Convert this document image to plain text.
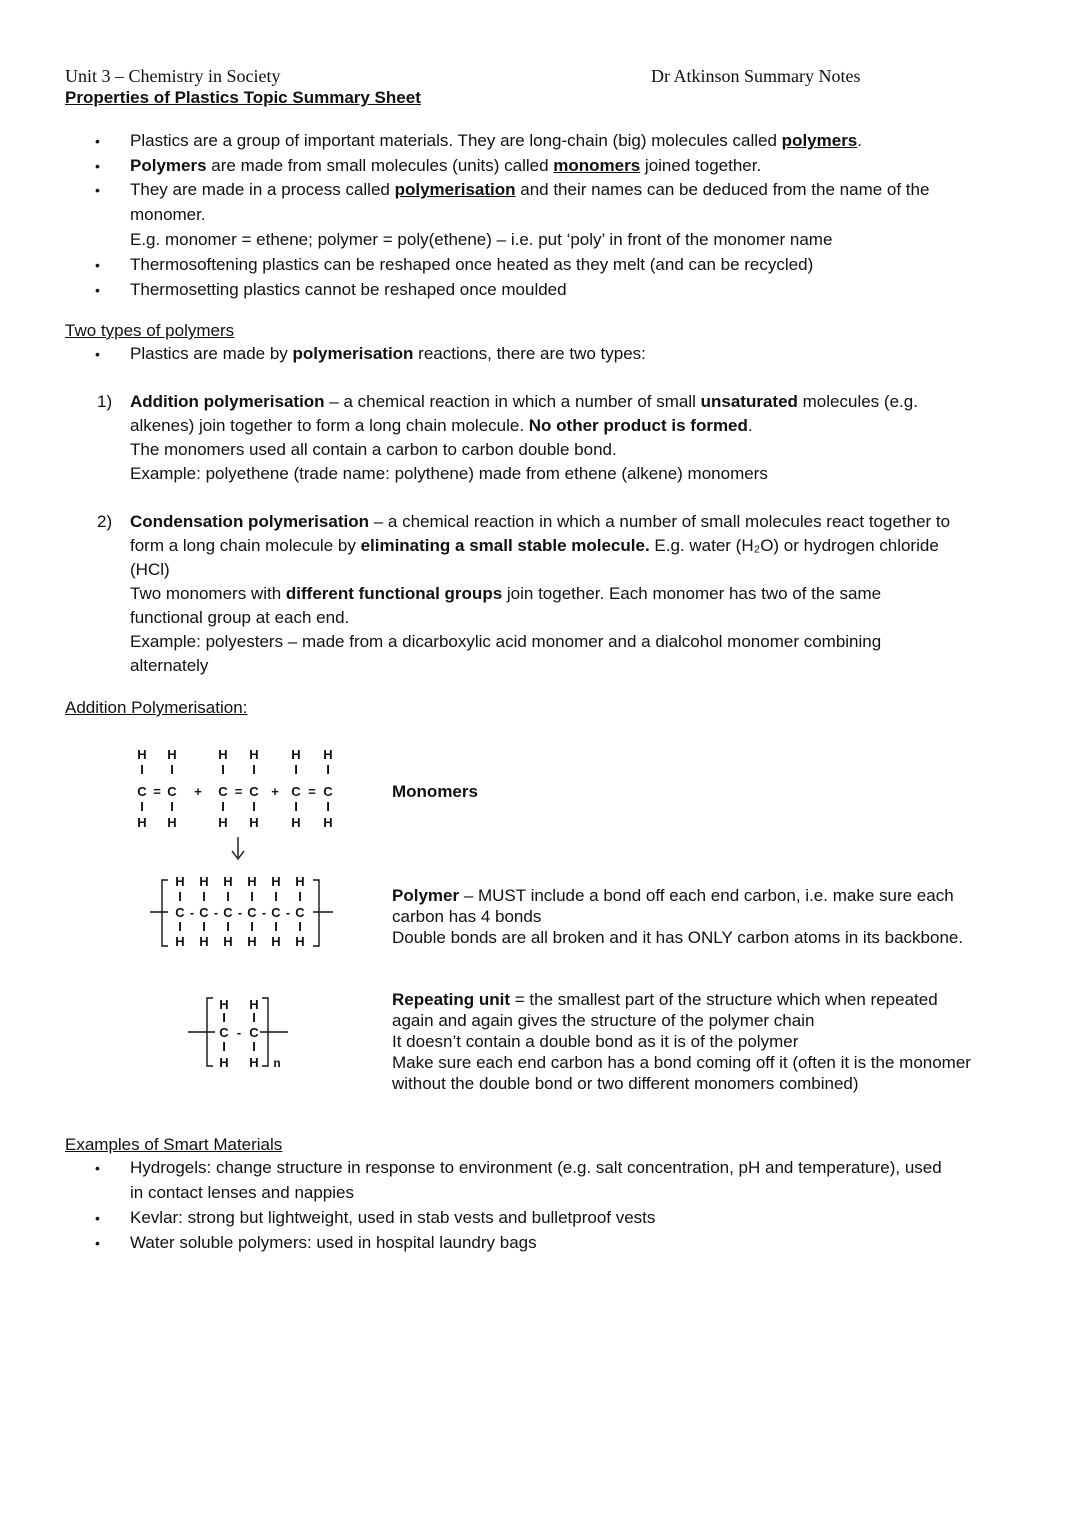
Unit 3 – Chemistry in Society	Dr Atkinson Summary Notes
Properties of Plastics Topic Summary Sheet
• Plastics are a group of important materials. They are long-chain (big) molecules called polymers.
• Polymers are made from small molecules (units) called monomers joined together.
• They are made in a process called polymerisation and their names can be deduced from the name of the
monomer.
E.g. monomer = ethene; polymer = poly(ethene) – i.e. put ‘poly’ in front of the monomer name
• Thermosoftening plastics can be reshaped once heated as they melt (and can be recycled)
• Thermosetting plastics cannot be reshaped once moulded
Two types of polymers
• Plastics are made by polymerisation reactions, there are two types:
1) Addition polymerisation – a chemical reaction in which a number of small unsaturated molecules (e.g.
alkenes) join together to form a long chain molecule. No other product is formed.
The monomers used all contain a carbon to carbon double bond.
Example: polyethene (trade name: polythene) made from ethene (alkene) monomers
2) Condensation polymerisation – a chemical reaction in which a number of small molecules react together to
form a long chain molecule by eliminating a small stable molecule. E.g. water (H₂O) or hydrogen chloride
(HCl)
Two monomers with different functional groups join together. Each monomer has two of the same
functional group at each end.
Example: polyesters – made from a dicarboxylic acid monomer and a dialcohol monomer combining
alternately
Addition Polymerisation:
H H
I I
C = C
I I
H H
H H
I I
C = C
I I
H H
H H
I I
C = C
I I
H H
+	+
H
I
C -
I
H
H
I
C -
I
H
H
I
C -
I
H
H
I
C -
I
H
H
I
C -
I
H
H
I
C
I
H
H
I
C
I
H
H
I
C
I
H
-
n
Monomers
Polymer – MUST include a bond off each end carbon, i.e. make sure each
carbon has 4 bonds
Double bonds are all broken and it has ONLY carbon atoms in its backbone.
Repeating unit = the smallest part of the structure which when repeated
again and again gives the structure of the polymer chain
It doesn’t contain a double bond as it is of the polymer
Make sure each end carbon has a bond coming off it (often it is the monomer
without the double bond or two different monomers combined)
Examples of Smart Materials
• Hydrogels: change structure in response to environment (e.g. salt concentration, pH and temperature), used
in contact lenses and nappies
• Kevlar: strong but lightweight, used in stab vests and bulletproof vests
• Water soluble polymers: used in hospital laundry bags
